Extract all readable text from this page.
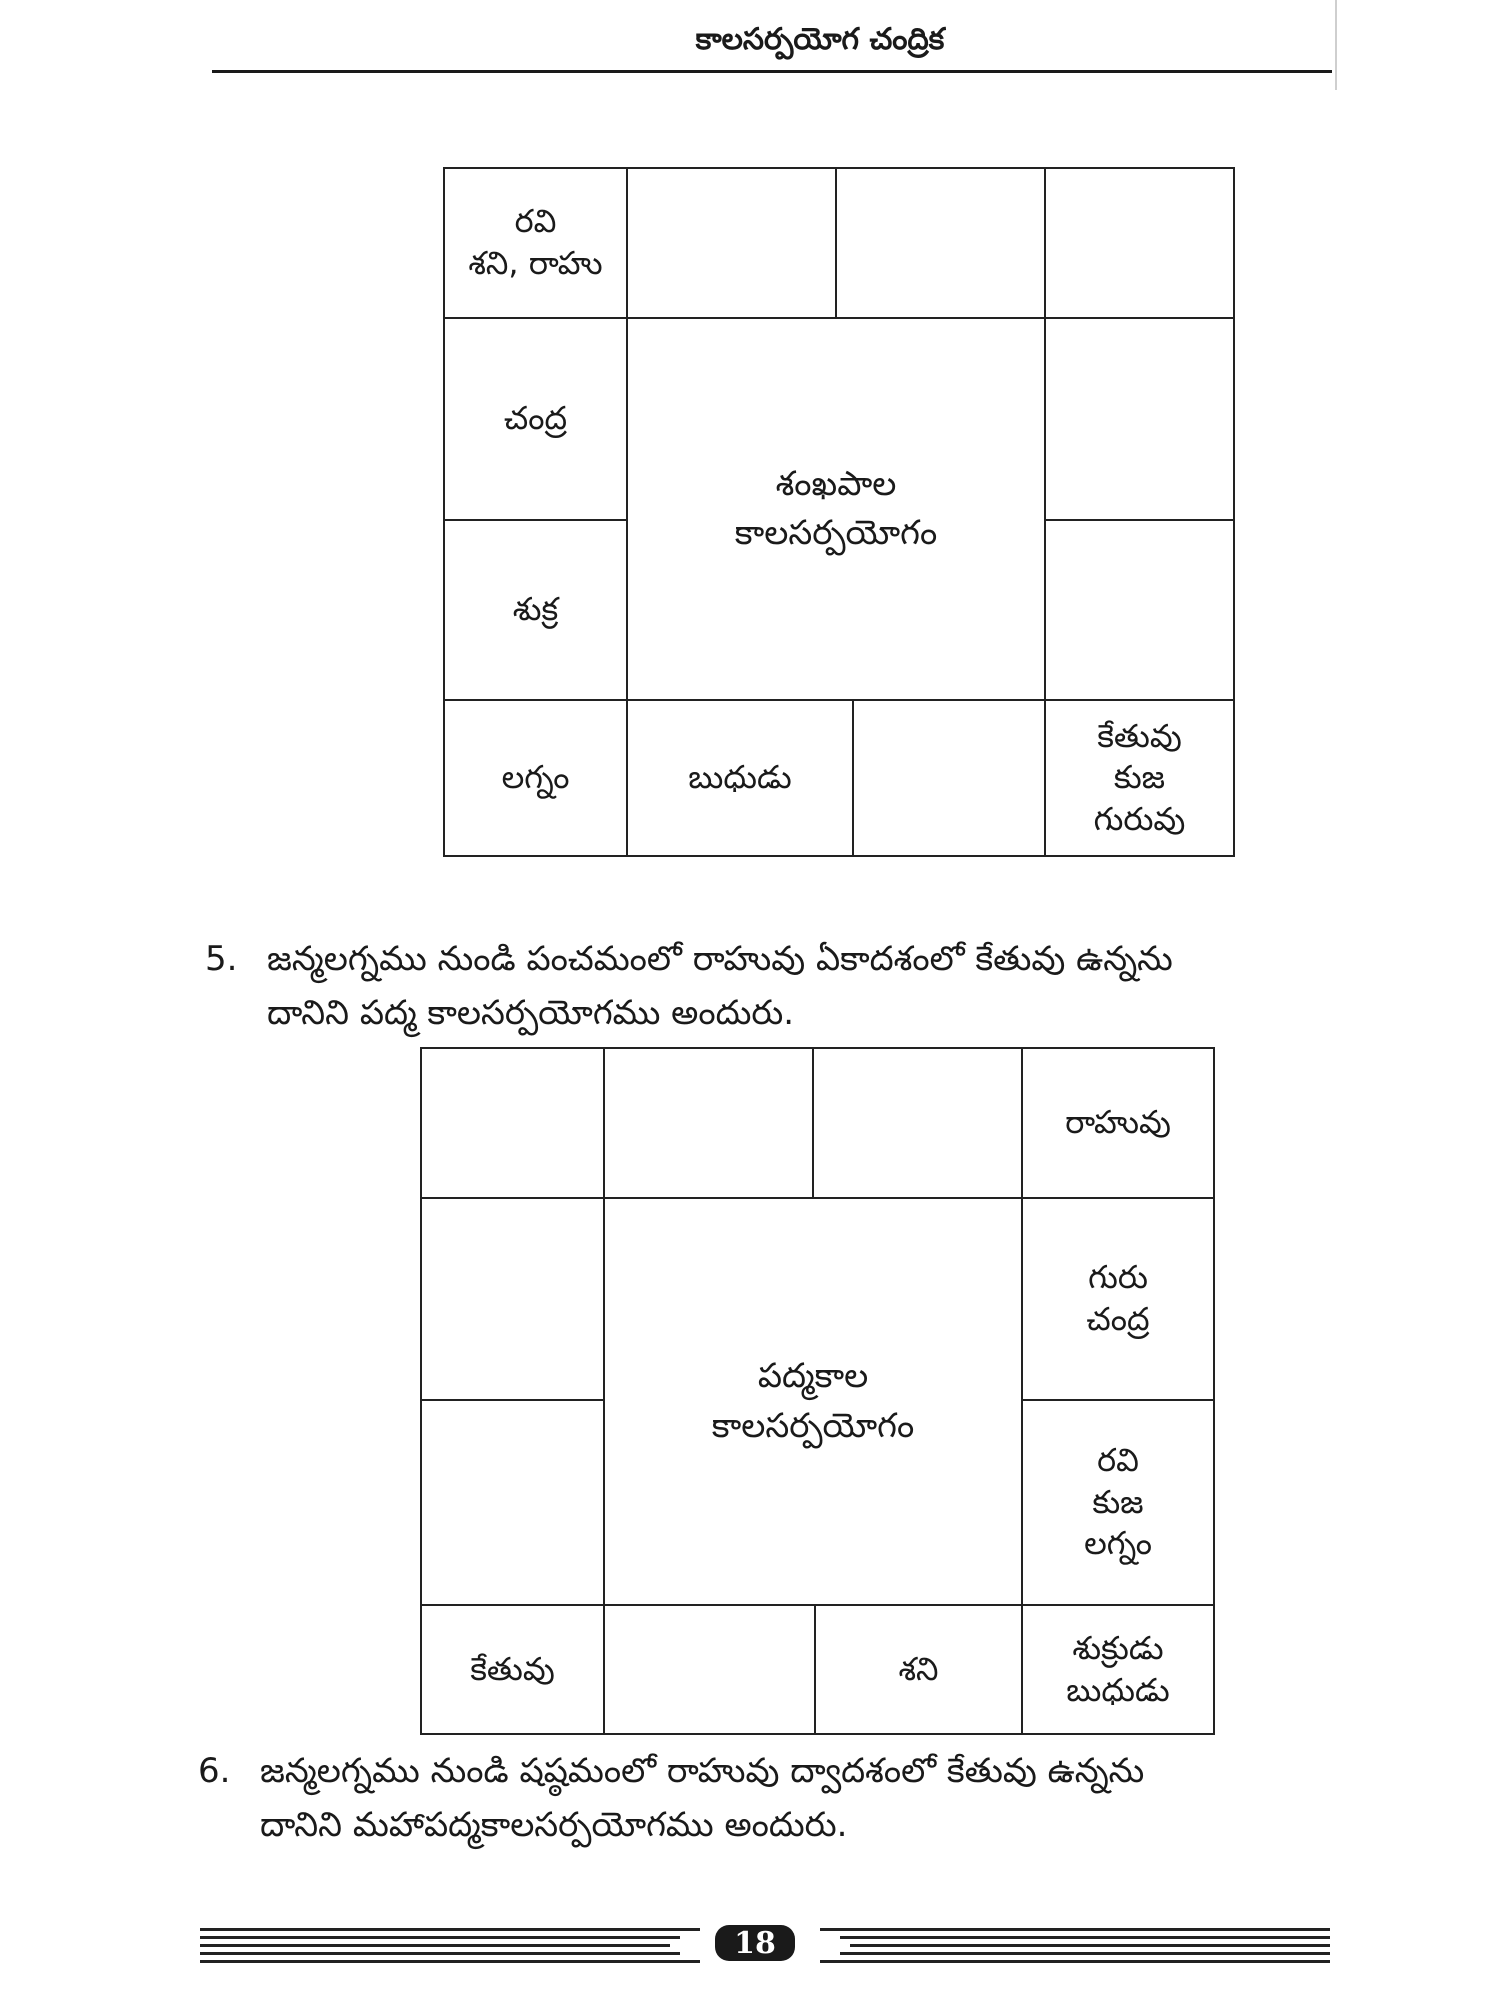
కాలసర్పయోగ చంద్రిక
రవి
శని, రాహు
చంద్ర
శుక్ర
శంఖపాల
కాలసర్పయోగం
లగ్నం	బుధుడు
కేతువు
కుజ
గురువు
5. జన్మలగ్నము నుండి పంచమంలో రాహువు ఏకాదశంలో కేతువు ఉన్నను
దానిని పద్మ కాలసర్పయోగము అందురు.
రాహువు
పద్మకాల
కాలసర్పయోగం
గురు
చంద్ర
రవి
కుజ
లగ్నం
కేతువు	శని
శుక్రుడు
బుధుడు
6. జన్మలగ్నము నుండి షష్ఠమంలో రాహువు ద్వాదశంలో కేతువు ఉన్నను
దానిని మహాపద్మకాలసర్పయోగము అందురు.
18
